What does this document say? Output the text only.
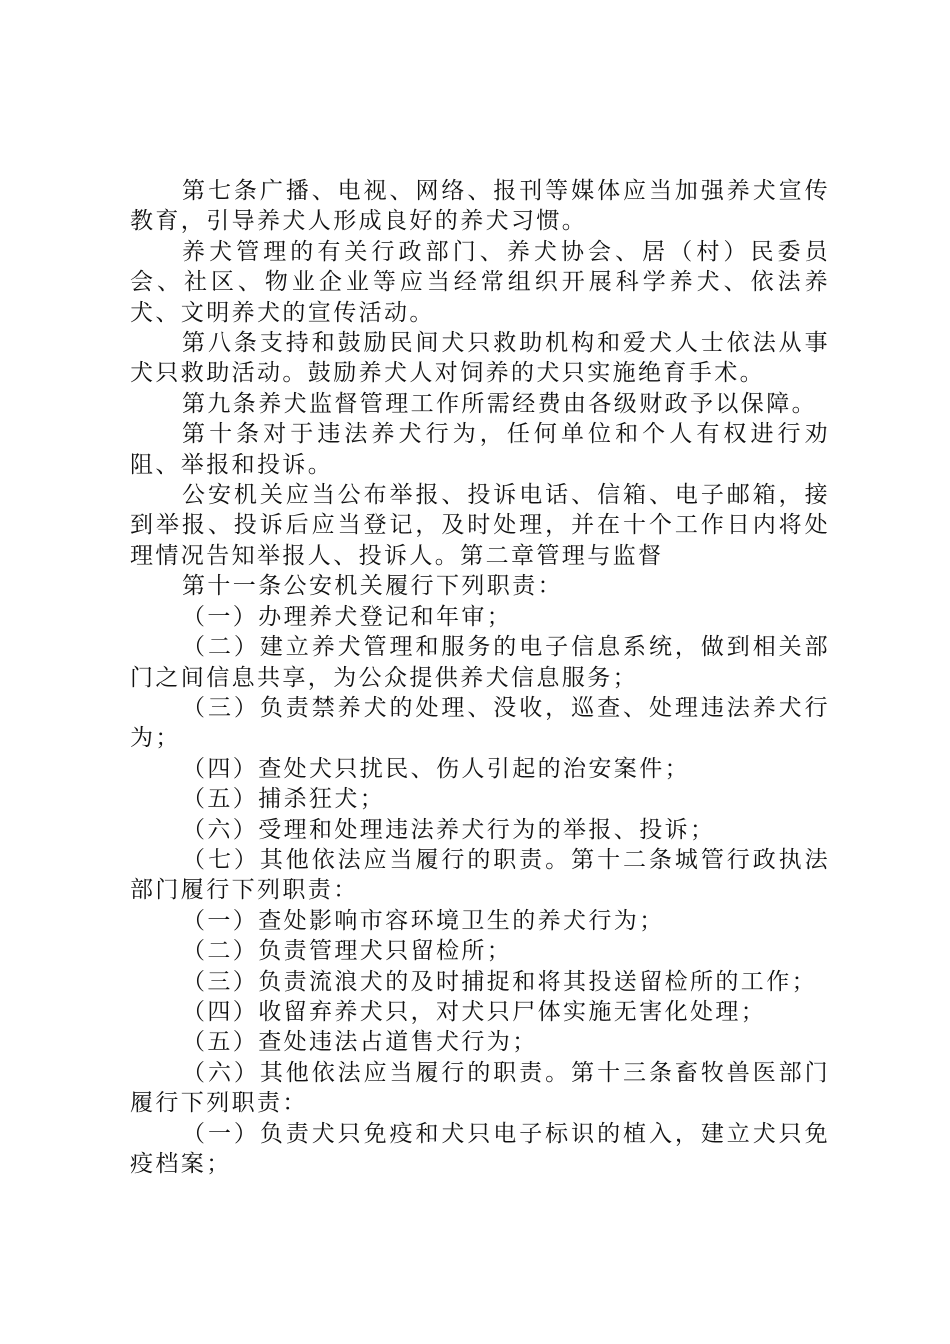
第七条广播、电视、网络、报刊等媒体应当加强养犬宣传教育，引导养犬人形成良好的养犬习惯。

养犬管理的有关行政部门、养犬协会、居（村）民委员会、社区、物业企业等应当经常组织开展科学养犬、依法养犬、文明养犬的宣传活动。

第八条支持和鼓励民间犬只救助机构和爱犬人士依法从事犬只救助活动。鼓励养犬人对饲养的犬只实施绝育手术。

第九条养犬监督管理工作所需经费由各级财政予以保障。

第十条对于违法养犬行为，任何单位和个人有权进行劝阻、举报和投诉。

公安机关应当公布举报、投诉电话、信箱、电子邮箱，接到举报、投诉后应当登记，及时处理，并在十个工作日内将处理情况告知举报人、投诉人。第二章管理与监督

第十一条公安机关履行下列职责：

（一）办理养犬登记和年审；

（二）建立养犬管理和服务的电子信息系统，做到相关部门之间信息共享，为公众提供养犬信息服务；

（三）负责禁养犬的处理、没收，巡查、处理违法养犬行为；

（四）查处犬只扰民、伤人引起的治安案件；

（五）捕杀狂犬；

（六）受理和处理违法养犬行为的举报、投诉；

（七）其他依法应当履行的职责。第十二条城管行政执法部门履行下列职责：

（一）查处影响市容环境卫生的养犬行为；

（二）负责管理犬只留检所；

（三）负责流浪犬的及时捕捉和将其投送留检所的工作；

（四）收留弃养犬只，对犬只尸体实施无害化处理；

（五）查处违法占道售犬行为；

（六）其他依法应当履行的职责。第十三条畜牧兽医部门履行下列职责：

（一）负责犬只免疫和犬只电子标识的植入，建立犬只免疫档案；
